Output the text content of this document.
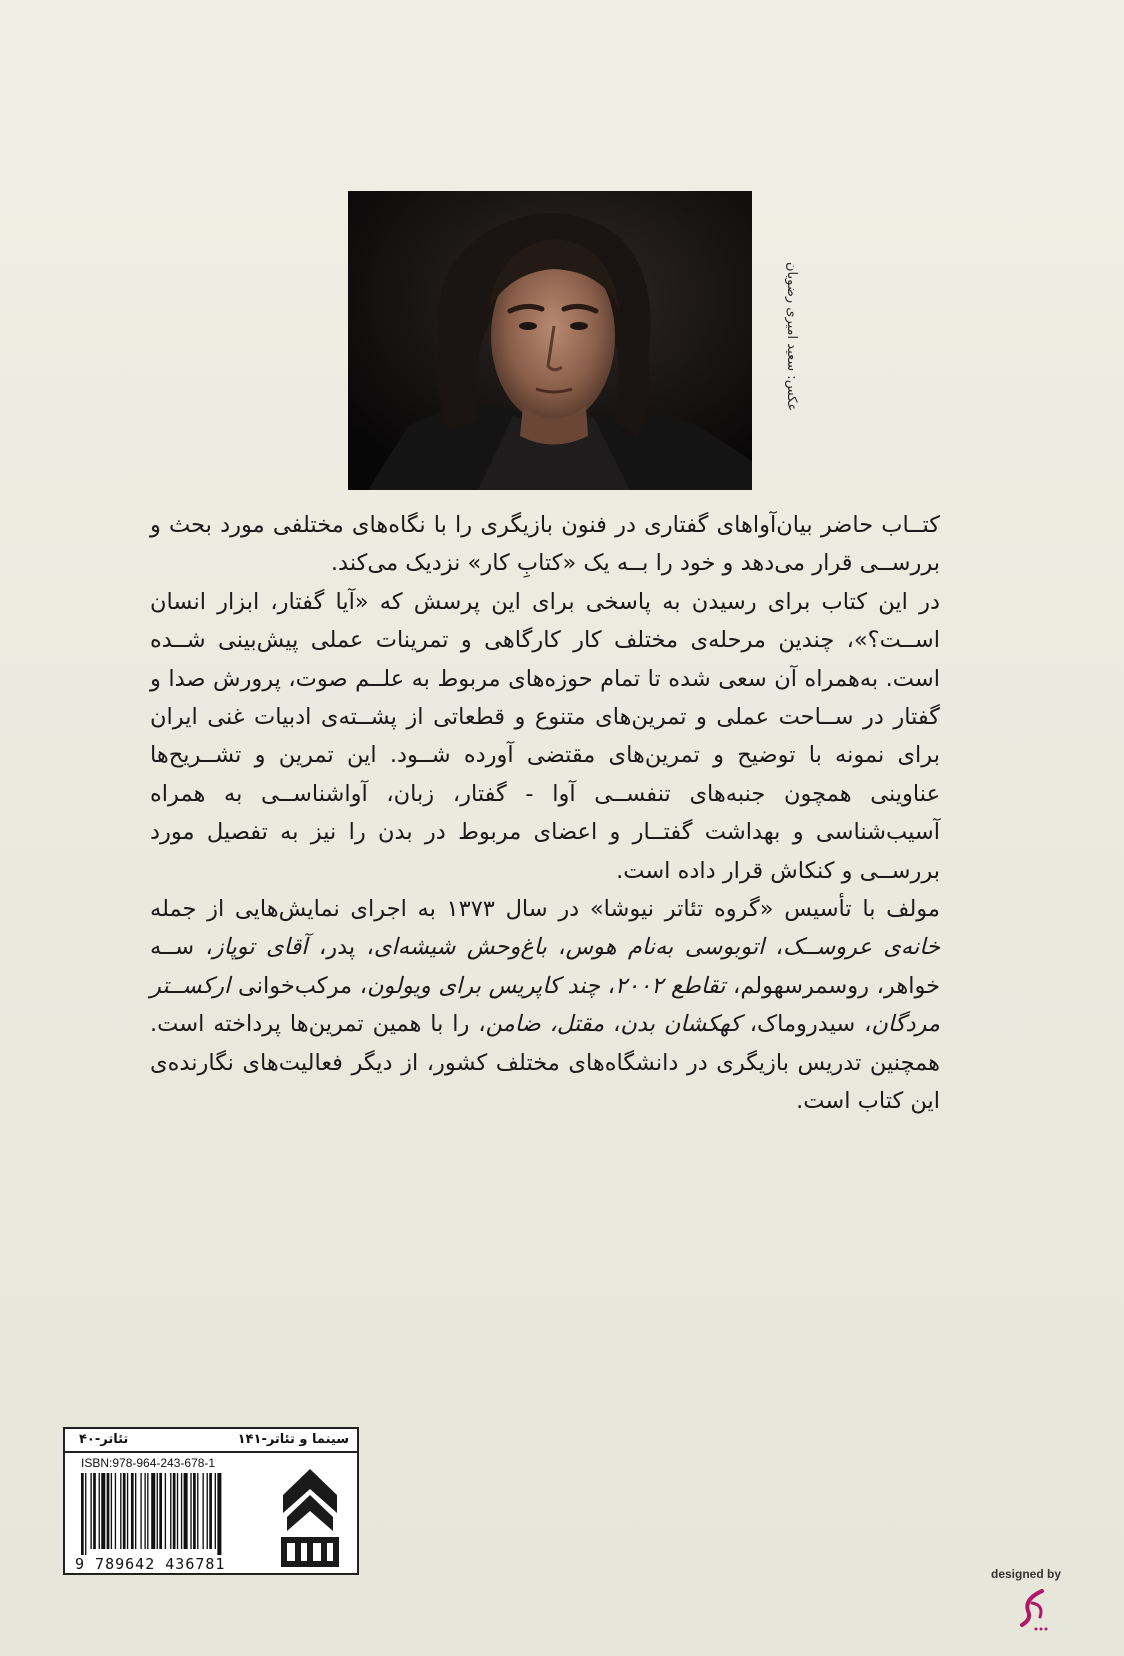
عکس: سعید امیری رضویان

کتــاب حاضر بیان‌آواهای گفتاری در فنون بازیگری را با نگاه‌های مختلفی مورد بحث و بررســی قرار می‌دهد و خود را بــه یک «کتابِ کار» نزدیک می‌کند.

در این کتاب برای رسیدن به پاسخی برای این پرسش که «آیا گفتار، ابزار انسان اســت؟»، چندین مرحله‌ی مختلف کار کارگاهی و تمرینات عملی پیش‌بینی شــده است. به‌همراه آن سعی شده تا تمام حوزه‌های مربوط به علــم صوت، پرورش صدا و گفتار در ســاحت عملی و تمرین‌های متنوع و قطعاتی از پشــته‌ی ادبیات غنی ایران برای نمونه با توضیح و تمرین‌های مقتضی آورده شــود. این تمرین و تشــریح‌ها عناوینی همچون جنبه‌های تنفســی آوا - گفتار، زبان، آواشناســی به همراه آسیب‌شناسی و بهداشت گفتــار و اعضای مربوط در بدن را نیز به تفصیل مورد بررســی و کنکاش قرار داده است.

مولف با تأسیس «گروه تئاتر نیوشا» در سال ۱۳۷۳ به اجرای نمایش‌هایی از جمله خانه‌ی عروســک، اتوبوسی به‌نام هوس، باغ‌وحش شیشه‌ای، پدر، آقای توپاز، ســه خواهر، روسمرسهولم، تقاطع ۲۰۰۲، چند کاپریس برای ویولون، مرکب‌خوانی ارکســتر مردگان، سیدروماک، کهکشان بدن، مقتل، ضامن، را با همین تمرین‌ها پرداخته است. همچنین تدریس بازیگری در دانشگاه‌های مختلف کشور، از دیگر فعالیت‌های نگارنده‌ی این کتاب است.

سینما و تئاتر-۱۴۱
تئاتر-۴۰
ISBN:978-964-243-678-1
9 789642 436781
designed by
